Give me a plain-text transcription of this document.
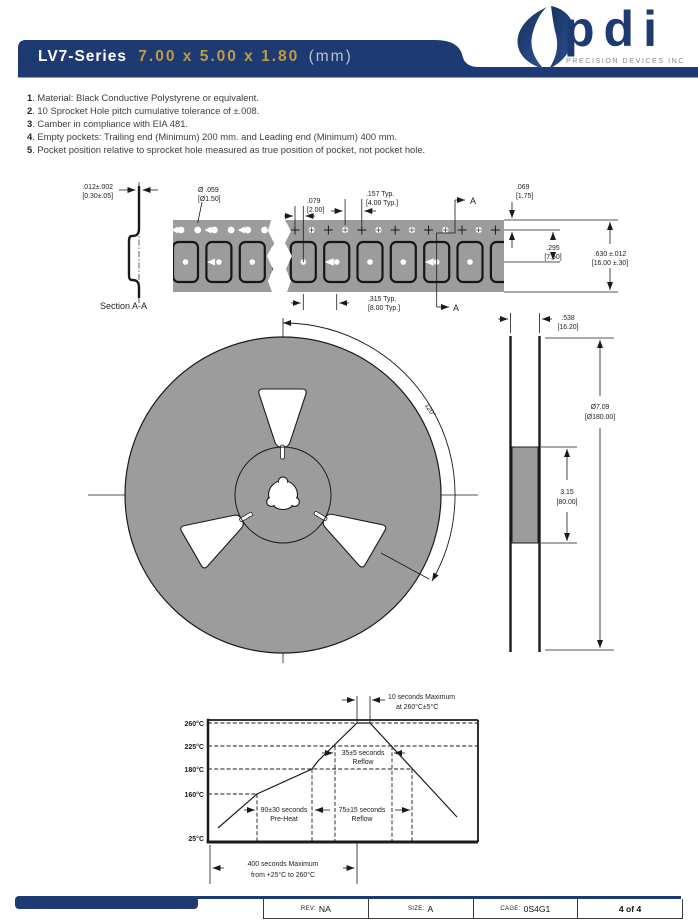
LV7-Series 7.00 x 5.00 x 1.80 (mm)	pdi
PRECISION DEVICES INC
1. Material: Black Conductive Polystyrene or equivalent.
2. 10 Sprocket Hole pitch cumulative tolerance of ±.008.
3. Camber in compliance with EIA 481.
4. Empty pockets: Trailing end (Minimum) 200 mm. and Leading end (Minimum) 400 mm.
5. Pocket position relative to sprocket hole measured as true position of pocket, not pocket hole.
.012±.002
[0.30±.05]
Section A-A
Ø .059
[Ø1.50]	.079
[2.00]
.157 Typ.
[4.00 Typ.]	A
A
.069
[1.75]
.295
[7.50]	.630 ±.012
[16.00 ±.30]
.315 Typ.
[8.00 Typ.]
120°
.538
[16.20]
Ø7.09
[Ø180.00]
3.15
[80.00]
260°C
225°C
180°C
160°C
25°C
10 seconds Maximum
at 260°C±5°C
35±5 seconds
Reflow
90±30 seconds
Pre-Heat
75±15 seconds
Reflow
400 seconds Maximum
from +25°C to 260°C
REV: NA	SIZE: A	CAGE: 0S4G1	4 of 4
